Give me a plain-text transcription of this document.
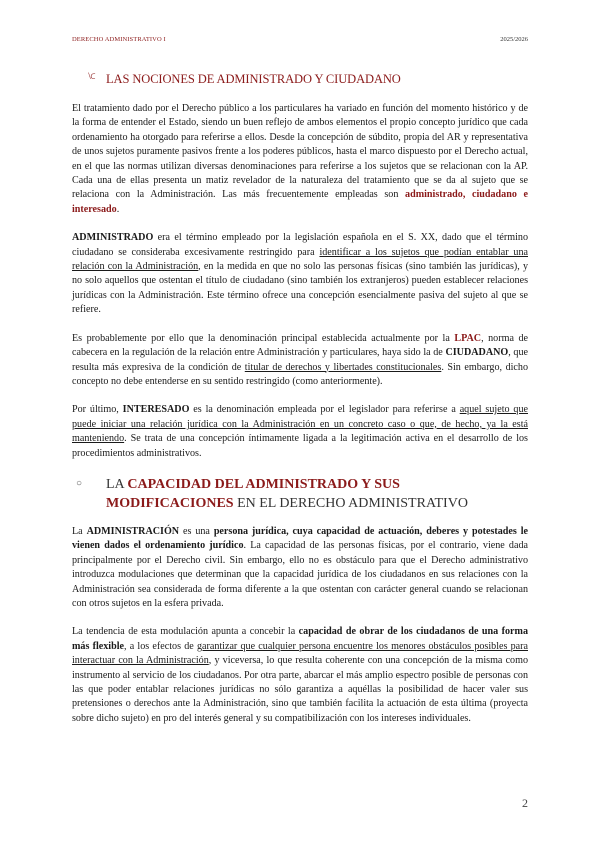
DERECHO ADMINISTRATIVO I	2025/2026
⟈ LAS NOCIONES DE ADMINISTRADO Y CIUDADANO

El tratamiento dado por el Derecho público a los particulares ha variado en función del momento histórico y de la forma de entender el Estado, siendo un buen reflejo de ambos elementos el propio concepto jurídico que cada ordenamiento ha otorgado para referirse a ellos. Desde la concepción de súbdito, propia del AR y representativa de unos sujetos puramente pasivos frente a los poderes públicos, hasta el marco dispuesto por el Derecho actual, en el que las normas utilizan diversas denominaciones para referirse a los sujetos que se relacionan con la AP. Cada una de ellas presenta un matiz revelador de la naturaleza del tratamiento que se da al sujeto que se relaciona con la Administración. Las más frecuentemente empleadas son administrado, ciudadano e interesado.

ADMINISTRADO era el término empleado por la legislación española en el S. XX, dado que el término ciudadano se consideraba excesivamente restringido para identificar a los sujetos que podían entablar una relación con la Administración, en la medida en que no solo las personas físicas (sino también las jurídicas), y no solo aquellos que ostentan el título de ciudadano (sino también los extranjeros) pueden establecer relaciones jurídicas con la Administración. Este término ofrece una concepción esencialmente pasiva del sujeto al que se refiere.

Es probablemente por ello que la denominación principal establecida actualmente por la LPAC, norma de cabecera en la regulación de la relación entre Administración y particulares, haya sido la de CIUDADANO, que resulta más expresiva de la condición de titular de derechos y libertades constitucionales. Sin embargo, dicho concepto no debe entenderse en su sentido restringido (como anteriormente).

Por último, INTERESADO es la denominación empleada por el legislador para referirse a aquel sujeto que puede iniciar una relación jurídica con la Administración en un concreto caso o que, de hecho, ya la está manteniendo. Se trata de una concepción íntimamente ligada a la legitimación activa en el desarrollo de los procedimientos administrativos.

○ LA CAPACIDAD DEL ADMINISTRADO Y SUS MODIFICACIONES EN EL DERECHO ADMINISTRATIVO

La ADMINISTRACIÓN es una persona jurídica, cuya capacidad de actuación, deberes y potestades le vienen dados el ordenamiento jurídico. La capacidad de las personas físicas, por el contrario, viene dada principalmente por el Derecho civil. Sin embargo, ello no es obstáculo para que el Derecho administrativo introduzca modulaciones que determinan que la capacidad jurídica de los ciudadanos en sus relaciones con la Administración sea considerada de forma diferente a la que ostentan con carácter general cuando se relacionan con otros sujetos en la esfera privada.

La tendencia de esta modulación apunta a concebir la capacidad de obrar de los ciudadanos de una forma más flexible, a los efectos de garantizar que cualquier persona encuentre los menores obstáculos posibles para interactuar con la Administración, y viceversa, lo que resulta coherente con una concepción de la misma como instrumento al servicio de los ciudadanos. Por otra parte, abarcar el más amplio espectro posible de personas con las que poder entablar relaciones jurídicas no sólo garantiza a aquéllas la posibilidad de hacer valer sus pretensiones o derechos ante la Administración, sino que también facilita la actuación de esta última (proyecta sobre dicho sujeto) en pro del interés general y su compatibilización con los intereses individuales.

2
